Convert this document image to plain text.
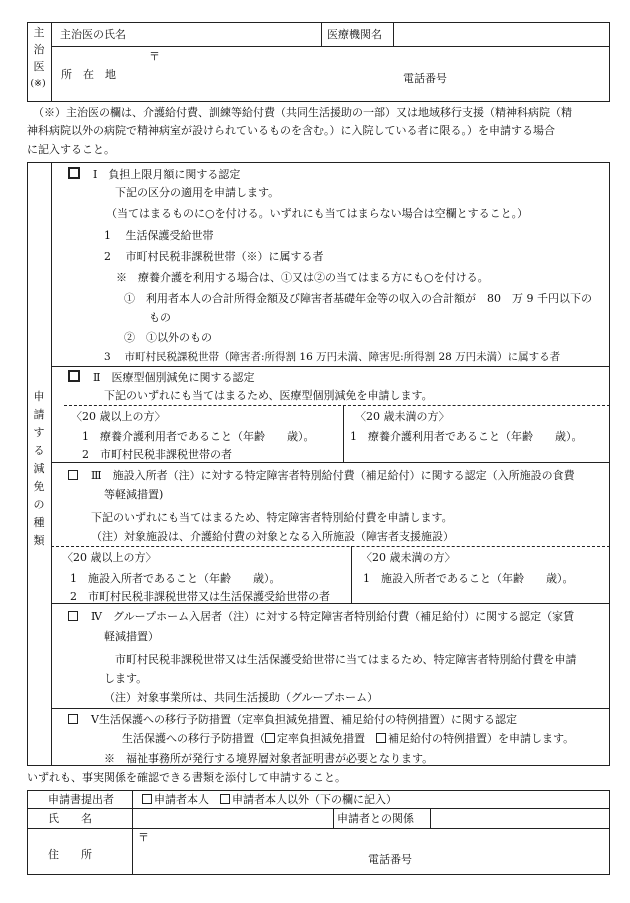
主
治
医
(※)
主治医の氏名	医療機関名
〒
所　在　地	電話番号
（※）主治医の欄は、介護給付費、訓練等給付費（共同生活援助の一部）又は地域移行支援（精神科病院（精
神科病院以外の病院で精神病室が設けられているものを含む。）に入院している者に限る。）を申請する場合
に記入すること。
申
請
す
る
減
免
の
種
類
　Ⅰ　負担上限月額に関する認定
下記の区分の適用を申請します。
（当てはまるものに○を付ける。いずれにも当てはまらない場合は空欄とすること。）
1　 生活保護受給世帯
2　 市町村民税非課税世帯（※）に属する者
※　療養介護を利用する場合は、①又は②の当てはまる方にも○を付ける。
①　利用者本人の合計所得金額及び障害者基礎年金等の収入の合計額が　80　万 9 千円以下の
もの
②　①以外のもの
3　 市町村民税課税世帯（障害者:所得割 16 万円未満、障害児:所得割 28 万円未満）に属する者
　Ⅱ　医療型個別減免に関する認定
下記のいずれにも当てはまるため、医療型個別減免を申請します。
〈20 歳以上の方〉
1　療養介護利用者であること（年齢　　歳）。
2　市町村民税非課税世帯の者
〈20 歳未満の方〉
1　療養介護利用者であること（年齢　　歳）。
　Ⅲ　施設入所者（注）に対する特定障害者特別給付費（補足給付）に関する認定（入所施設の食費
等軽減措置)
下記のいずれにも当てはまるため、特定障害者特別給付費を申請します。
（注）対象施設は、介護給付費の対象となる入所施設（障害者支援施設）
〈20 歳以上の方〉
1　施設入所者であること（年齢　　歳）。
2　市町村民税非課税世帯又は生活保護受給世帯の者
〈20 歳未満の方〉
1　施設入所者であること（年齢　　歳）。
　Ⅳ　グループホーム入居者（注）に対する特定障害者特別給付費（補足給付）に関する認定（家賃
軽減措置）
市町村民税非課税世帯又は生活保護受給世帯に当てはまるため、特定障害者特別給付費を申請
します。
（注）対象事業所は、共同生活援助（グループホーム）
　Ⅴ生活保護への移行予防措置（定率負担減免措置、補足給付の特例措置）に関する認定
生活保護への移行予防措置（ 定率負担減免措置　補足給付の特例措置）を申請します。
※　福祉事務所が発行する境界層対象者証明書が必要となります。
いずれも、事実関係を確認できる書類を添付して申請すること。
申請書提出者	申請者本人　 申請者本人以外（下の欄に記入）
氏　　名	申請者との関係
〒
住　　所	電話番号
